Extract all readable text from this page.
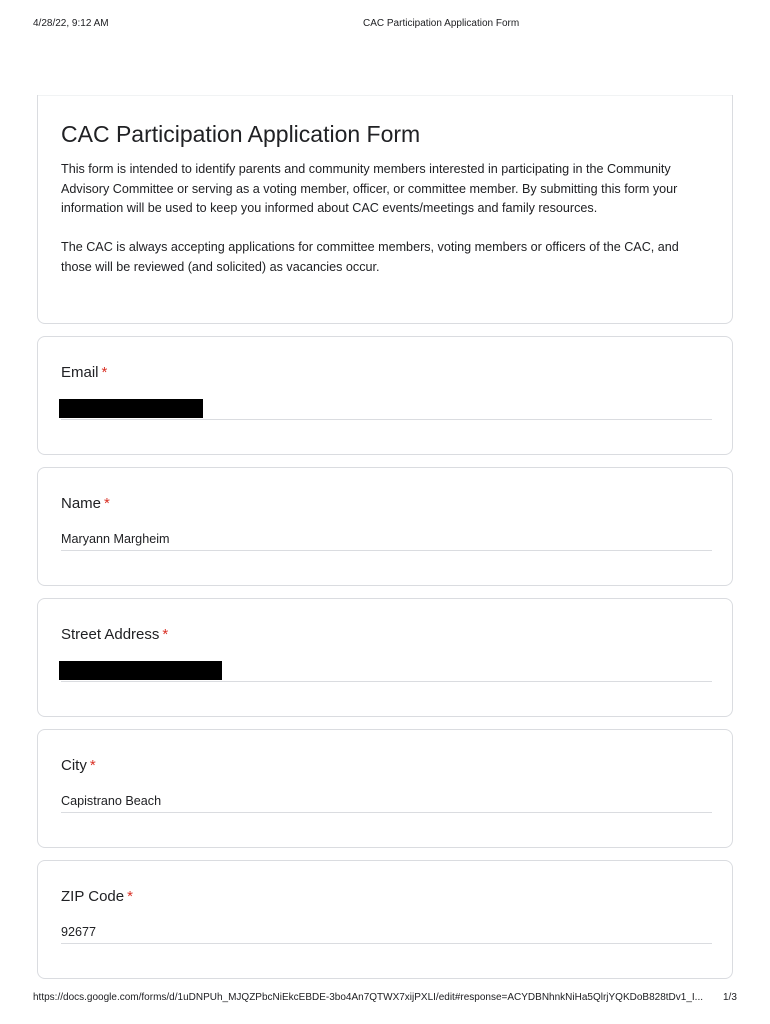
4/28/22, 9:12 AM	CAC Participation Application Form
CAC Participation Application Form

This form is intended to identify parents and community members interested in participating in the Community Advisory Committee or serving as a voting member, officer, or committee member. By submitting this form your information will be used to keep you informed about CAC events/meetings and family resources.

The CAC is always accepting applications for committee members, voting members or officers of the CAC, and those will be reviewed (and solicited) as vacancies occur.

Email *
Name *
Maryann Margheim
Street Address *
City *
Capistrano Beach
ZIP Code *
92677
https://docs.google.com/forms/d/1uDNPUh_MJQZPbcNiEkcEBDE-3bo4An7QTWX7xijPXLI/edit#response=ACYDBNhnkNiHa5QlrjYQKDoB828tDv1_I...	1/3
